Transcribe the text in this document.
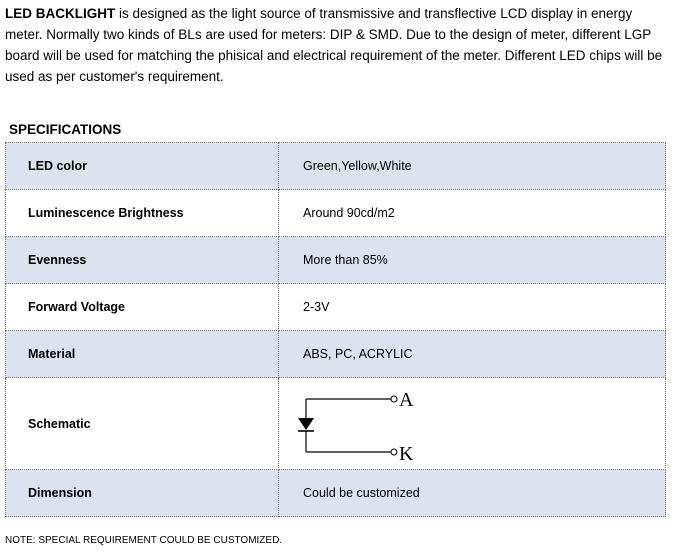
LED BACKLIGHT is designed as the light source of transmissive and transflective LCD display in energy meter. Normally two kinds of BLs are used for meters: DIP & SMD. Due to the design of meter, different LGP board will be used for matching the phisical and electrical requirement of the meter. Different LED chips will be used as per customer's requirement.

SPECIFICATIONS

LED color	Green,Yellow,White
Luminescence Brightness	Around 90cd/m2
Evenness	More than 85%
Forward Voltage	2-3V
Material	ABS, PC, ACRYLIC
Schematic	A
K

Dimension	Could be customized

NOTE: SPECIAL REQUIREMENT COULD BE CUSTOMIZED.
